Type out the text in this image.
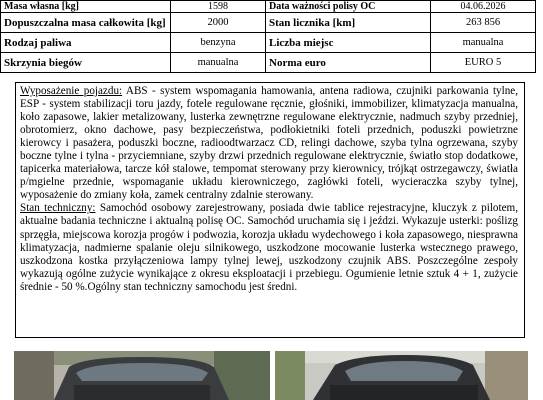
Masa własna [kg]	1598	Data ważności polisy OC	04.06.2026
Dopuszczalna masa całkowita [kg]	2000	Stan licznika [km]	263 856
Rodzaj paliwa	benzyna	Liczba miejsc	manualna
Skrzynia biegów	manualna	Norma euro	EURO 5

Wyposażenie pojazdu: ABS - system wspomagania hamowania, antena radiowa, czujniki parkowania tylne, ESP - system stabilizacji toru jazdy, fotele regulowane ręcznie, głośniki, immobilizer, klimatyzacja manualna, koło zapasowe, lakier metalizowany, lusterka zewnętrzne regulowane elektrycznie, nadmuch szyby przedniej, obrotomierz, okno dachowe, pasy bezpieczeństwa, podłokietniki foteli przednich, poduszki powietrzne kierowcy i pasażera, poduszki boczne, radioodtwarzacz CD, relingi dachowe, szyba tylna ogrzewana, szyby boczne tylne i tylna - przyciemniane, szyby drzwi przednich regulowane elektrycznie, światło stop dodatkowe, tapicerka materiałowa, tarcze kół stalowe, tempomat sterowany przy kierownicy, trójkąt ostrzegawczy, światła p/mgielne przednie, wspomaganie układu kierowniczego, zagłówki foteli, wycieraczka szyby tylnej, wyposażenie do zmiany koła, zamek centralny zdalnie sterowany.

Stan techniczny: Samochód osobowy zarejestrowany, posiada dwie tablice rejestracyjne, kluczyk z pilotem, aktualne badania techniczne i aktualną polisę OC. Samochód uruchamia się i jeździ. Wykazuje usterki: poślizg sprzęgła, miejscowa korozja progów i podwozia, korozja układu wydechowego i koła zapasowego, niesprawna klimatyzacja, nadmierne spalanie oleju silnikowego, uszkodzone mocowanie lusterka wstecznego prawego, uszkodzona kostka przyłączeniowa lampy tylnej lewej, uszkodzony czujnik ABS. Poszczególne zespoły wykazują ogólne zużycie wynikające z okresu eksploatacji i przebiegu. Ogumienie letnie sztuk 4 + 1, zużycie średnie - 50 %.Ogólny stan techniczny samochodu jest średni.
